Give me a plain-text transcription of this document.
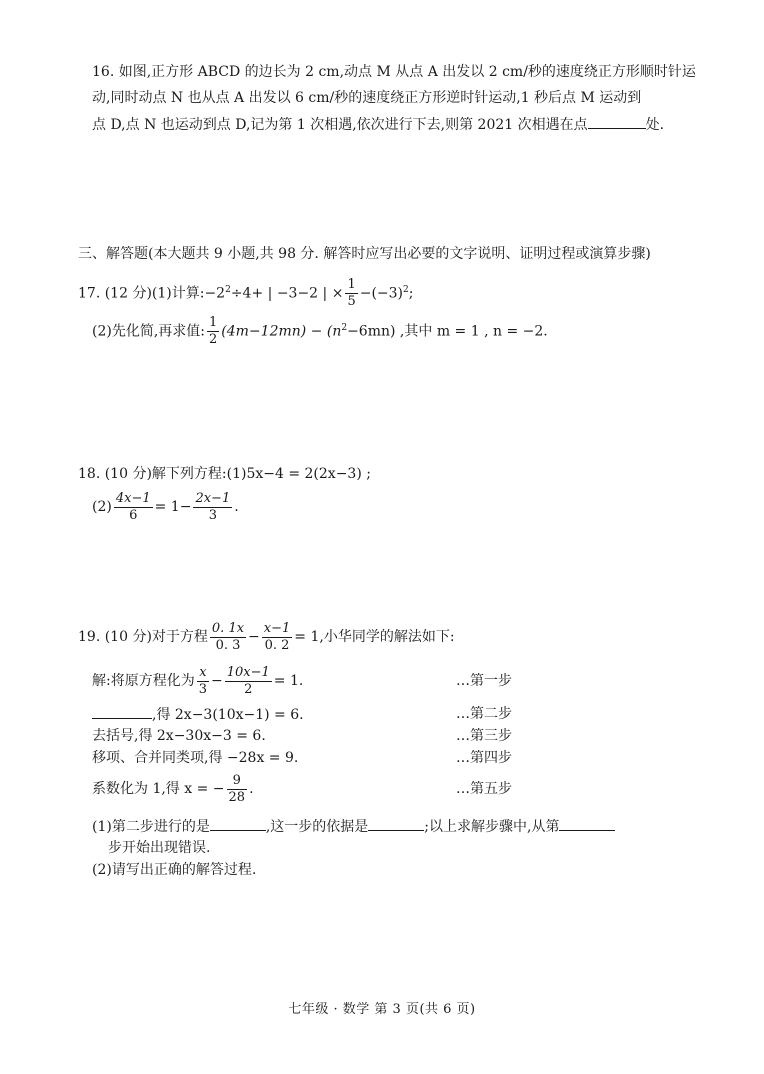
16. 如图,正方形 ABCD 的边长为 2 cm,动点 M 从点 A 出发以 2 cm/秒的速度绕正方形顺时针运
动,同时动点 N 也从点 A 出发以 6 cm/秒的速度绕正方形逆时针运动,1 秒后点 M 运动到
点 D,点 N 也运动到点 D,记为第 1 次相遇,依次进行下去,则第 2021 次相遇在点	处.
三、解答题(本大题共 9 小题,共 98 分. 解答时应写出必要的文字说明、证明过程或演算步骤)
17. (12 分)(1)计算$:-2^2\div 4+$ | −3−2 | × $\frac{1}{5} -(-3)^2$;
(2)先化简,再求值: $\frac{1}{2} (4m-12mn) - (n^2-6mn)$ ,其中 m = 1 , n = −2.
18. (10 分)解下列方程:(1)5x−4 = 2(2x−3) ;
$(2) \frac{4x-1}{6} = 1- \frac{2x-1}{3}$ .
19. (10 分)对于方程 $\frac{0. 1x}{0. 3} - \frac{x-1}{0. 2} = 1$,小华同学的解法如下:
解:将原方程化为 $\frac{x}{3} - \frac{10x-1}{2} = 1$.	…第一步
,得 2x−3(10x−1) = 6.	…第二步
去括号,得 2x−30x−3 = 6.	…第三步
移项、合并同类项,得 −28x = 9.	…第四步
系数化为 1,得 x = − $\frac{9}{28}$ .	…第五步
(1)第二步进行的是	,这一步的依据是	;以上求解步骤中,从第
步开始出现错误.
(2)请写出正确的解答过程.
七年级 · 数学 第 3 页(共 6 页)
